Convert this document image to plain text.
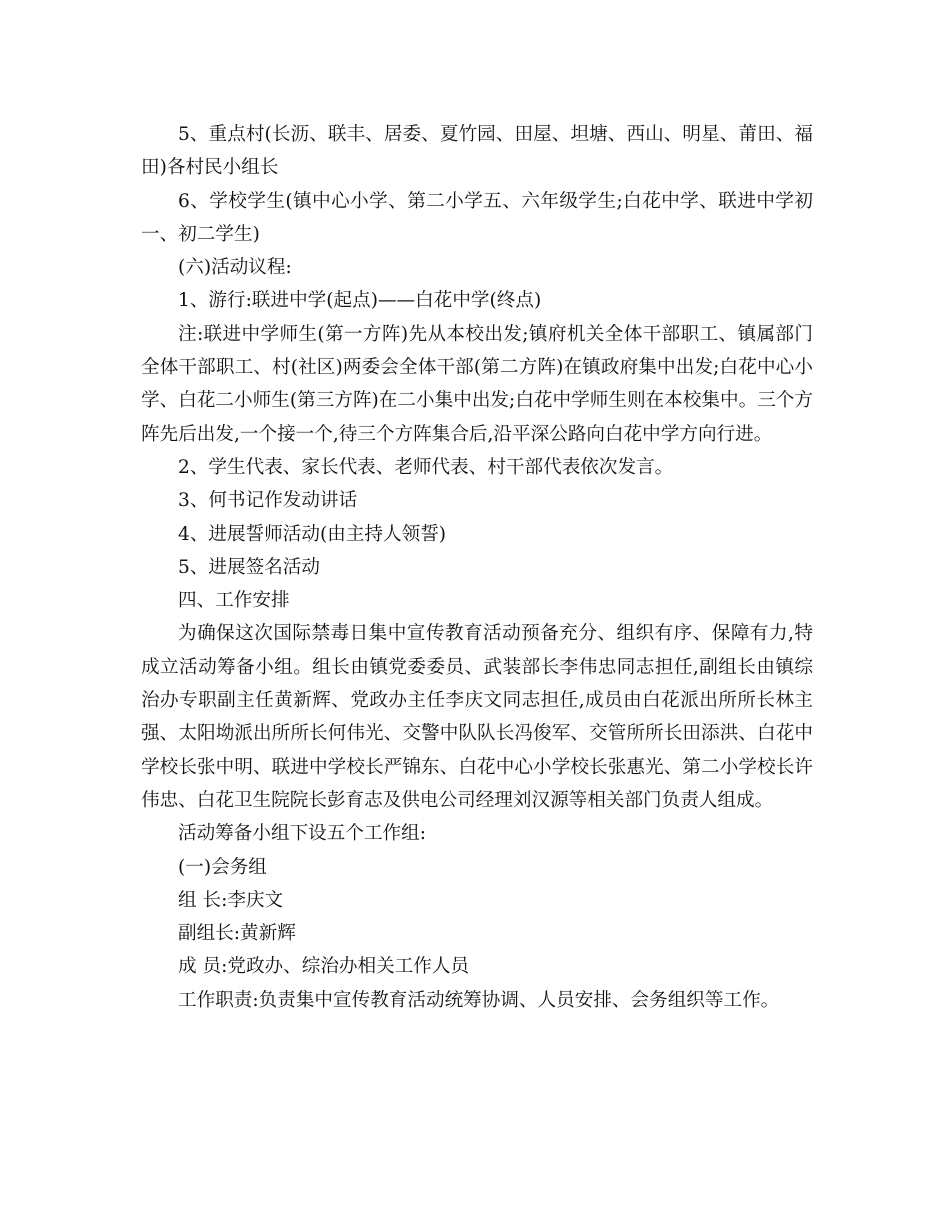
5、重点村(长沥、联丰、居委、夏竹园、田屋、坦塘、西山、明星、莆田、福田)各村民小组长

6、学校学生(镇中心小学、第二小学五、六年级学生;白花中学、联进中学初一、初二学生)

(六)活动议程:

1、游行:联进中学(起点)——白花中学(终点)

注:联进中学师生(第一方阵)先从本校出发;镇府机关全体干部职工、镇属部门全体干部职工、村(社区)两委会全体干部(第二方阵)在镇政府集中出发;白花中心小学、白花二小师生(第三方阵)在二小集中出发;白花中学师生则在本校集中。三个方阵先后出发,一个接一个,待三个方阵集合后,沿平深公路向白花中学方向行进。

2、学生代表、家长代表、老师代表、村干部代表依次发言。

3、何书记作发动讲话

4、进展誓师活动(由主持人领誓)

5、进展签名活动

四、工作安排

为确保这次国际禁毒日集中宣传教育活动预备充分、组织有序、保障有力,特成立活动筹备小组。组长由镇党委委员、武装部长李伟忠同志担任,副组长由镇综治办专职副主任黄新辉、党政办主任李庆文同志担任,成员由白花派出所所长林主强、太阳坳派出所所长何伟光、交警中队队长冯俊军、交管所所长田添洪、白花中学校长张中明、联进中学校长严锦东、白花中心小学校长张惠光、第二小学校长许伟忠、白花卫生院院长彭育志及供电公司经理刘汉源等相关部门负责人组成。

活动筹备小组下设五个工作组:

(一)会务组

组 长:李庆文

副组长:黄新辉

成 员:党政办、综治办相关工作人员

工作职责:负责集中宣传教育活动统筹协调、人员安排、会务组织等工作。
